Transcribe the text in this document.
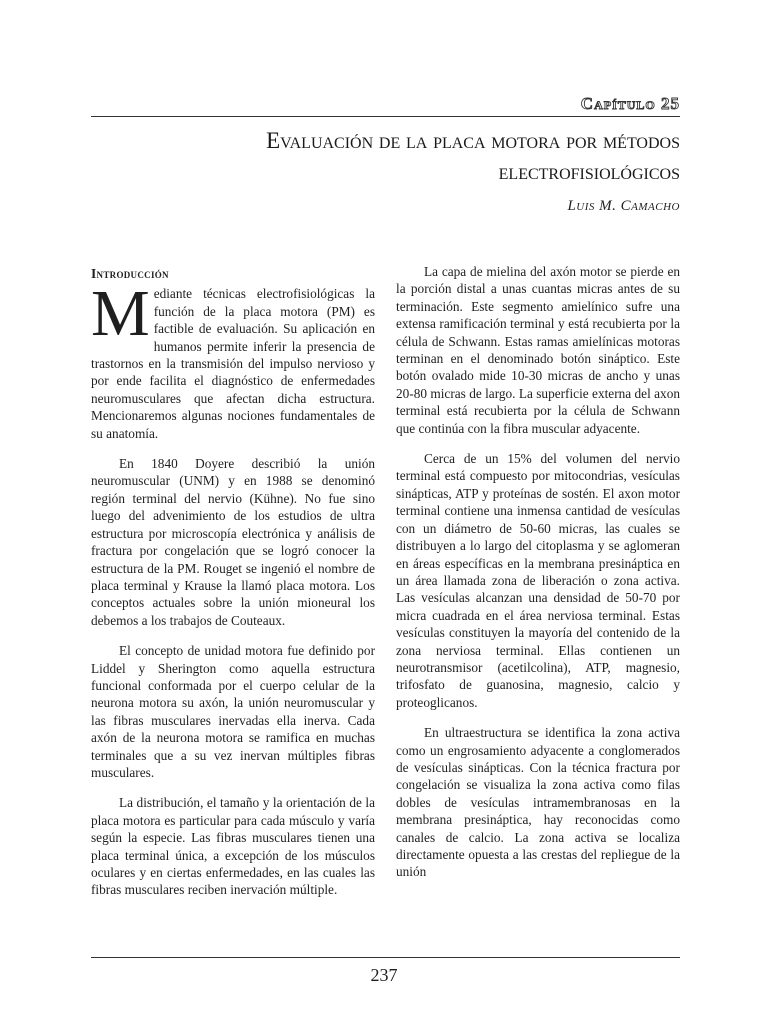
Capítulo 25
Evaluación de la placa motora por métodos
electrofisiológicos
Luis M. Camacho
Introducción

Mediante técnicas electrofisiológicas la función de la placa motora (PM) es factible de evaluación. Su aplicación en humanos permite inferir la presencia de trastornos en la transmisión del impulso nervioso y por ende facilita el diagnóstico de enfermedades neuromusculares que afectan dicha estructura. Mencionaremos algunas nociones fundamentales de su anatomía.

En 1840 Doyere describió la unión neuromuscular (UNM) y en 1988 se denominó región terminal del nervio (Kühne). No fue sino luego del advenimiento de los estudios de ultra estructura por microscopía electrónica y análisis de fractura por congelación que se logró conocer la estructura de la PM. Rouget se ingenió el nombre de placa terminal y Krause la llamó placa motora. Los conceptos actuales sobre la unión mioneural los debemos a los trabajos de Couteaux.

El concepto de unidad motora fue definido por Liddel y Sherington como aquella estructura funcional conformada por el cuerpo celular de la neurona motora su axón, la unión neuromuscular y las fibras musculares inervadas ella inerva. Cada axón de la neurona motora se ramifica en muchas terminales que a su vez inervan múltiples fibras musculares.

La distribución, el tamaño y la orientación de la placa motora es particular para cada músculo y varía según la especie. Las fibras musculares tienen una placa terminal única, a excepción de los músculos oculares y en ciertas enfermedades, en las cuales las fibras musculares reciben inervación múltiple.

La capa de mielina del axón motor se pierde en la porción distal a unas cuantas micras antes de su terminación. Este segmento amielínico sufre una extensa ramificación terminal y está recubierta por la célula de Schwann. Estas ramas amielínicas motoras terminan en el denominado botón sináptico. Este botón ovalado mide 10-30 micras de ancho y unas 20-80 micras de largo. La superficie externa del axon terminal está recubierta por la célula de Schwann que continúa con la fibra muscular adyacente.

Cerca de un 15% del volumen del nervio terminal está compuesto por mitocondrias, vesículas sinápticas, ATP y proteínas de sostén. El axon motor terminal contiene una inmensa cantidad de vesículas con un diámetro de 50-60 micras, las cuales se distribuyen a lo largo del citoplasma y se aglomeran en áreas específicas en la membrana presináptica en un área llamada zona de liberación o zona activa. Las vesículas alcanzan una densidad de 50-70 por micra cuadrada en el área nerviosa terminal. Estas vesículas constituyen la mayoría del contenido de la zona nerviosa terminal. Ellas contienen un neurotransmisor (acetilcolina), ATP, magnesio, trifosfato de guanosina, magnesio, calcio y proteoglicanos.

En ultraestructura se identifica la zona activa como un engrosamiento adyacente a conglomerados de vesículas sinápticas. Con la técnica fractura por congelación se visualiza la zona activa como filas dobles de vesículas intramembranosas en la membrana presináptica, hay reconocidas como canales de calcio. La zona activa se localiza directamente opuesta a las crestas del repliegue de la unión

237
